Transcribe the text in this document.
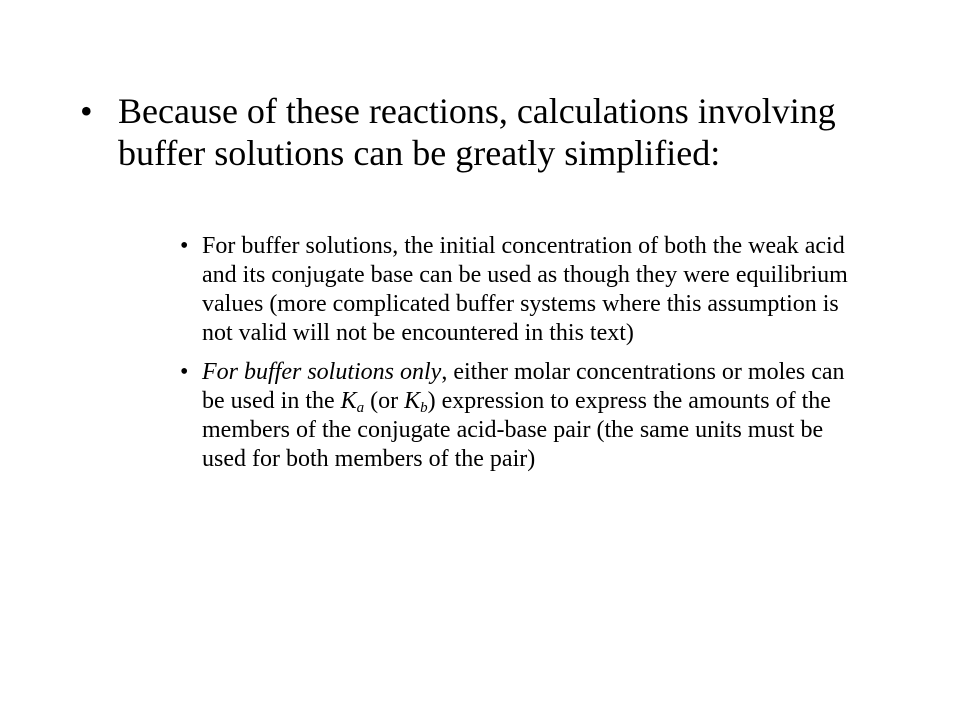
• Because of these reactions, calculations involving buffer solutions can be greatly simplified:
• For buffer solutions, the initial concentration of both the weak acid and its conjugate base can be used as though they were equilibrium values (more complicated buffer systems where this assumption is not valid will not be encountered in this text)
• For buffer solutions only, either molar concentrations or moles can be used in the $K_a$ (or $K_b$) expression to express the amounts of the members of the conjugate acid-base pair (the same units must be used for both members of the pair)
